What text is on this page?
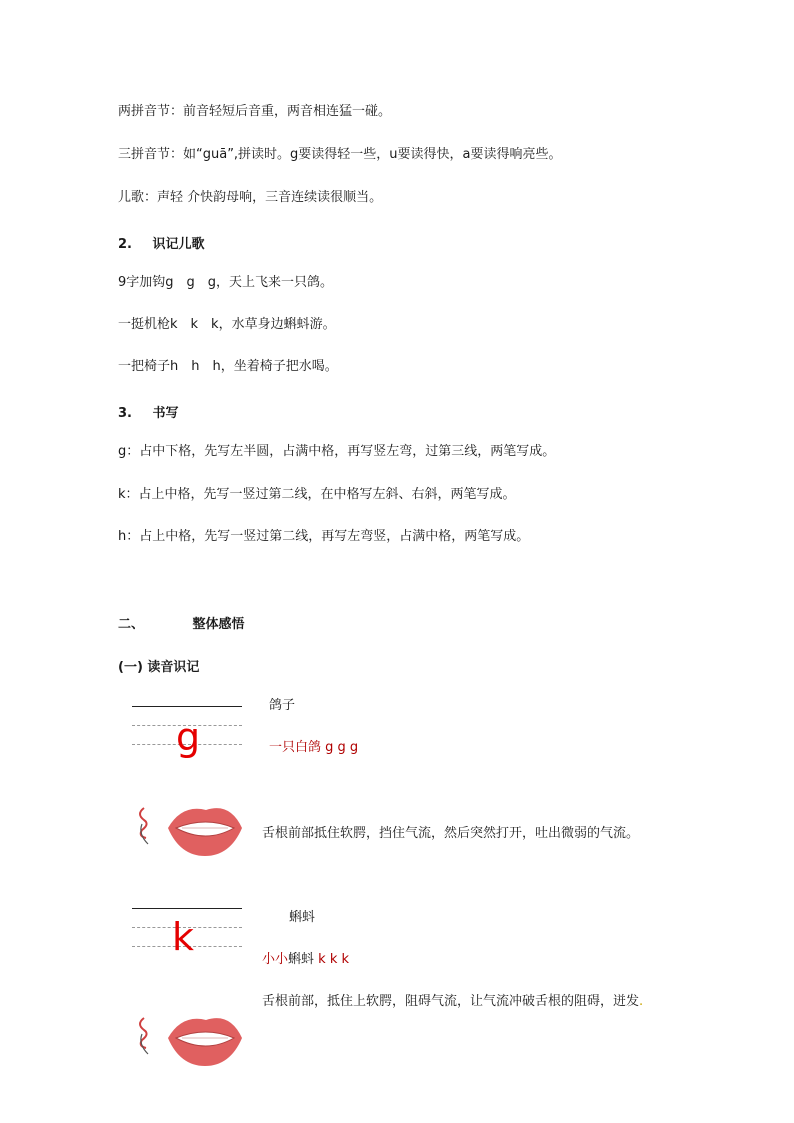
两拼音节：前音轻短后音重，两音相连猛一碰。
三拼音节：如“guā”,拼读时。g要读得轻一些，u要读得快，a要读得响亮些。
儿歌：声轻 介快韵母响，三音连续读很顺当。
2. 识记儿歌
9字加钩g　g　g，天上飞来一只鸽。
一挺机枪k　k　k，水草身边蝌蚪游。
一把椅子h　h　h，坐着椅子把水喝。
3. 书写
g：占中下格，先写左半圆，占满中格，再写竖左弯，过第三线，两笔写成。
k：占上中格，先写一竖过第二线，在中格写左斜、右斜，两笔写成。
h：占上中格，先写一竖过第二线，再写左弯竖，占满中格，两笔写成。
二、	整体感悟
(一) 读音识记
g
鸽子
一只白鸽 g g g
舌根前部抵住软腭，挡住气流，然后突然打开，吐出微弱的气流。
k	蝌蚪
小小蝌蚪 k k k
舌根前部，抵住上软腭，阻碍气流，让气流冲破舌根的阻碍，迸发.
